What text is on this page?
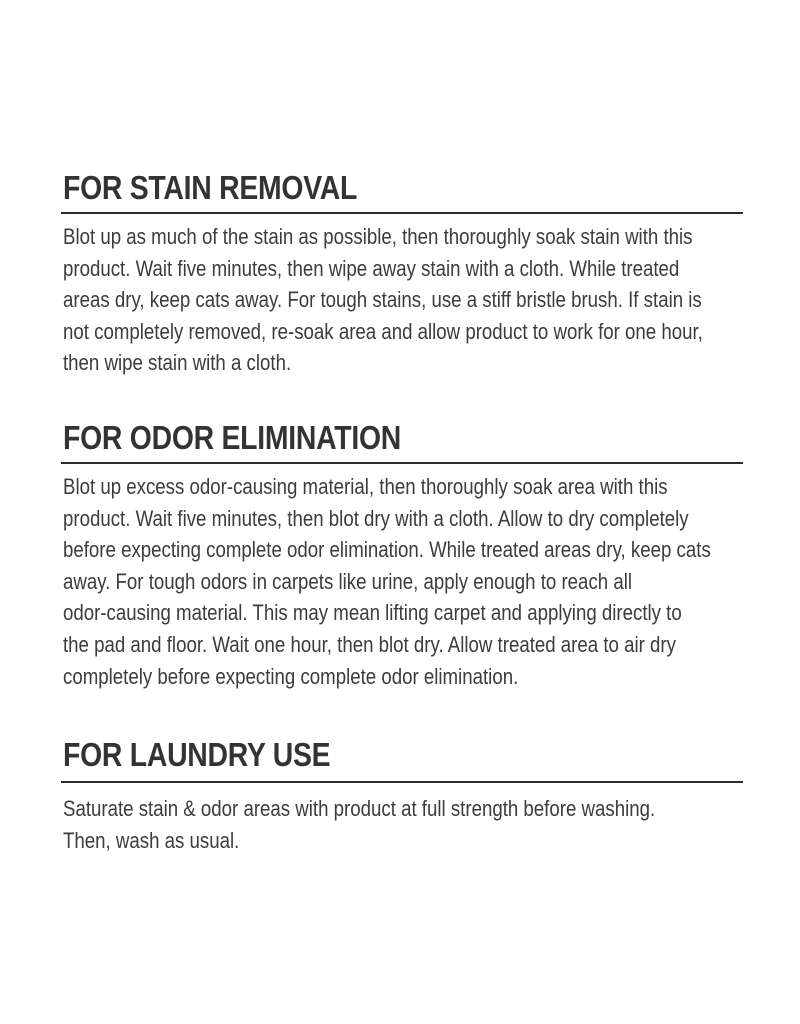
FOR STAIN REMOVAL

Blot up as much of the stain as possible, then thoroughly soak stain with this
product. Wait five minutes, then wipe away stain with a cloth. While treated
areas dry, keep cats away. For tough stains, use a stiff bristle brush. If stain is
not completely removed, re-soak area and allow product to work for one hour,
then wipe stain with a cloth.

FOR ODOR ELIMINATION

Blot up excess odor-causing material, then thoroughly soak area with this
product. Wait five minutes, then blot dry with a cloth. Allow to dry completely
before expecting complete odor elimination. While treated areas dry, keep cats
away. For tough odors in carpets like urine, apply enough to reach all
odor-causing material. This may mean lifting carpet and applying directly to
the pad and floor. Wait one hour, then blot dry. Allow treated area to air dry
completely before expecting complete odor elimination.

FOR LAUNDRY USE

Saturate stain & odor areas with product at full strength before washing.
Then, wash as usual.
